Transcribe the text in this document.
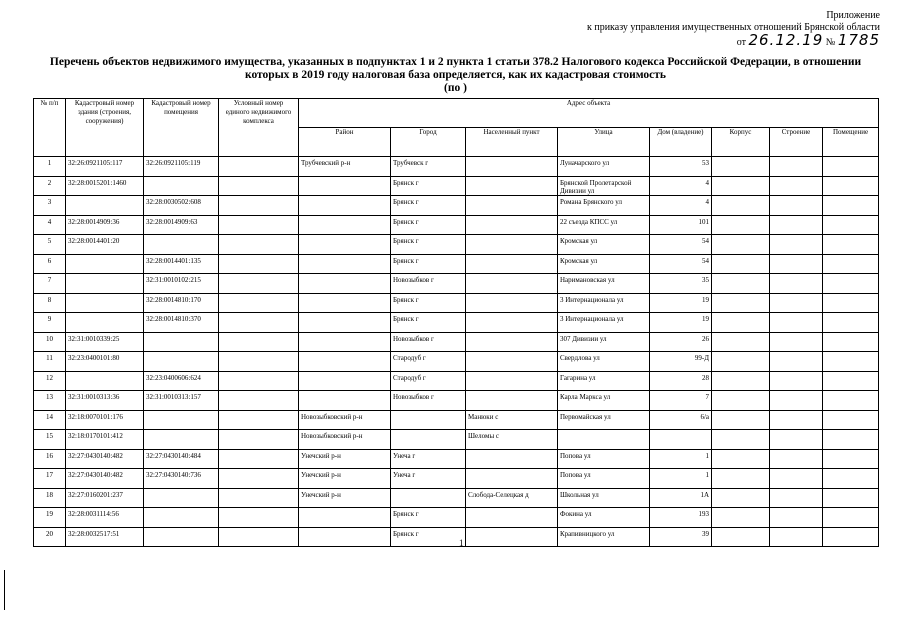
Приложение
к приказу управления имущественных отношений Брянской области
от 26.12.19 № 1785
Перечень объектов недвижимого имущества, указанных в подпунктах 1 и 2 пункта 1 статьи 378.2 Налогового кодекса Российской Федерации, в отношении
которых в 2019 году налоговая база определяется, как их кадастровая стоимость
(по )
№ п/п	Кадастровый номер здания (строения, сооружения)	Кадастровый номер помещения	Условный номер единого недвижимого комплекса	Адрес объекта							
				Район	Город	Населенный пункт	Улица	Дом (владение)	Корпус	Строение	Помещение
1	32:26:0921105:117	32:26:0921105:119		Трубчевский р-н	Трубчевск г		Луначарского ул	53			
2	32:28:0015201:1460				Брянск г		Брянской Пролетарской Дивизии ул	4			
3		32:28:0030502:608			Брянск г		Романа Брянского ул	4			
4	32:28:0014909:36	32:28:0014909:63			Брянск г		22 съезда КПСС ул	101			
5	32:28:0014401:20				Брянск г		Кромская ул	54			
6		32:28:0014401:135			Брянск г		Кромская ул	54			
7		32:31:0010102:215			Новозыбков г		Наримановская ул	35			
8		32:28:0014810:170			Брянск г		3 Интернационала ул	19			
9		32:28:0014810:370			Брянск г		3 Интернационала ул	19			
10	32:31:0010339:25				Новозыбков г		307 Дивизии ул	26			
11	32:23:0400101:80				Стародуб г		Свердлова ул	99-Д			
12		32:23:0400606:624			Стародуб г		Гагарина ул	28			
13	32:31:0010313:36	32:31:0010313:157			Новозыбков г		Карла Маркса ул	7			
14	32:18:0070101:176			Новозыбковский р-н		Манюки с	Первомайская ул	6/а			
15	32:18:0170101:412			Новозыбковский р-н		Шеломы с					
16	32:27:0430140:482	32:27:0430140:484		Унечский р-н	Унеча г		Попова ул	1			
17	32:27:0430140:482	32:27:0430140:736		Унечский р-н	Унеча г		Попова ул	1			
18	32:27:0160201:237			Унечский р-н		Слобода-Селецкая д	Школьная ул	1А			
19	32:28:0031114:56				Брянск г		Фокина ул	193			
20	32:28:0032517:51				Брянск г		Крапивницкого ул	39			
1
